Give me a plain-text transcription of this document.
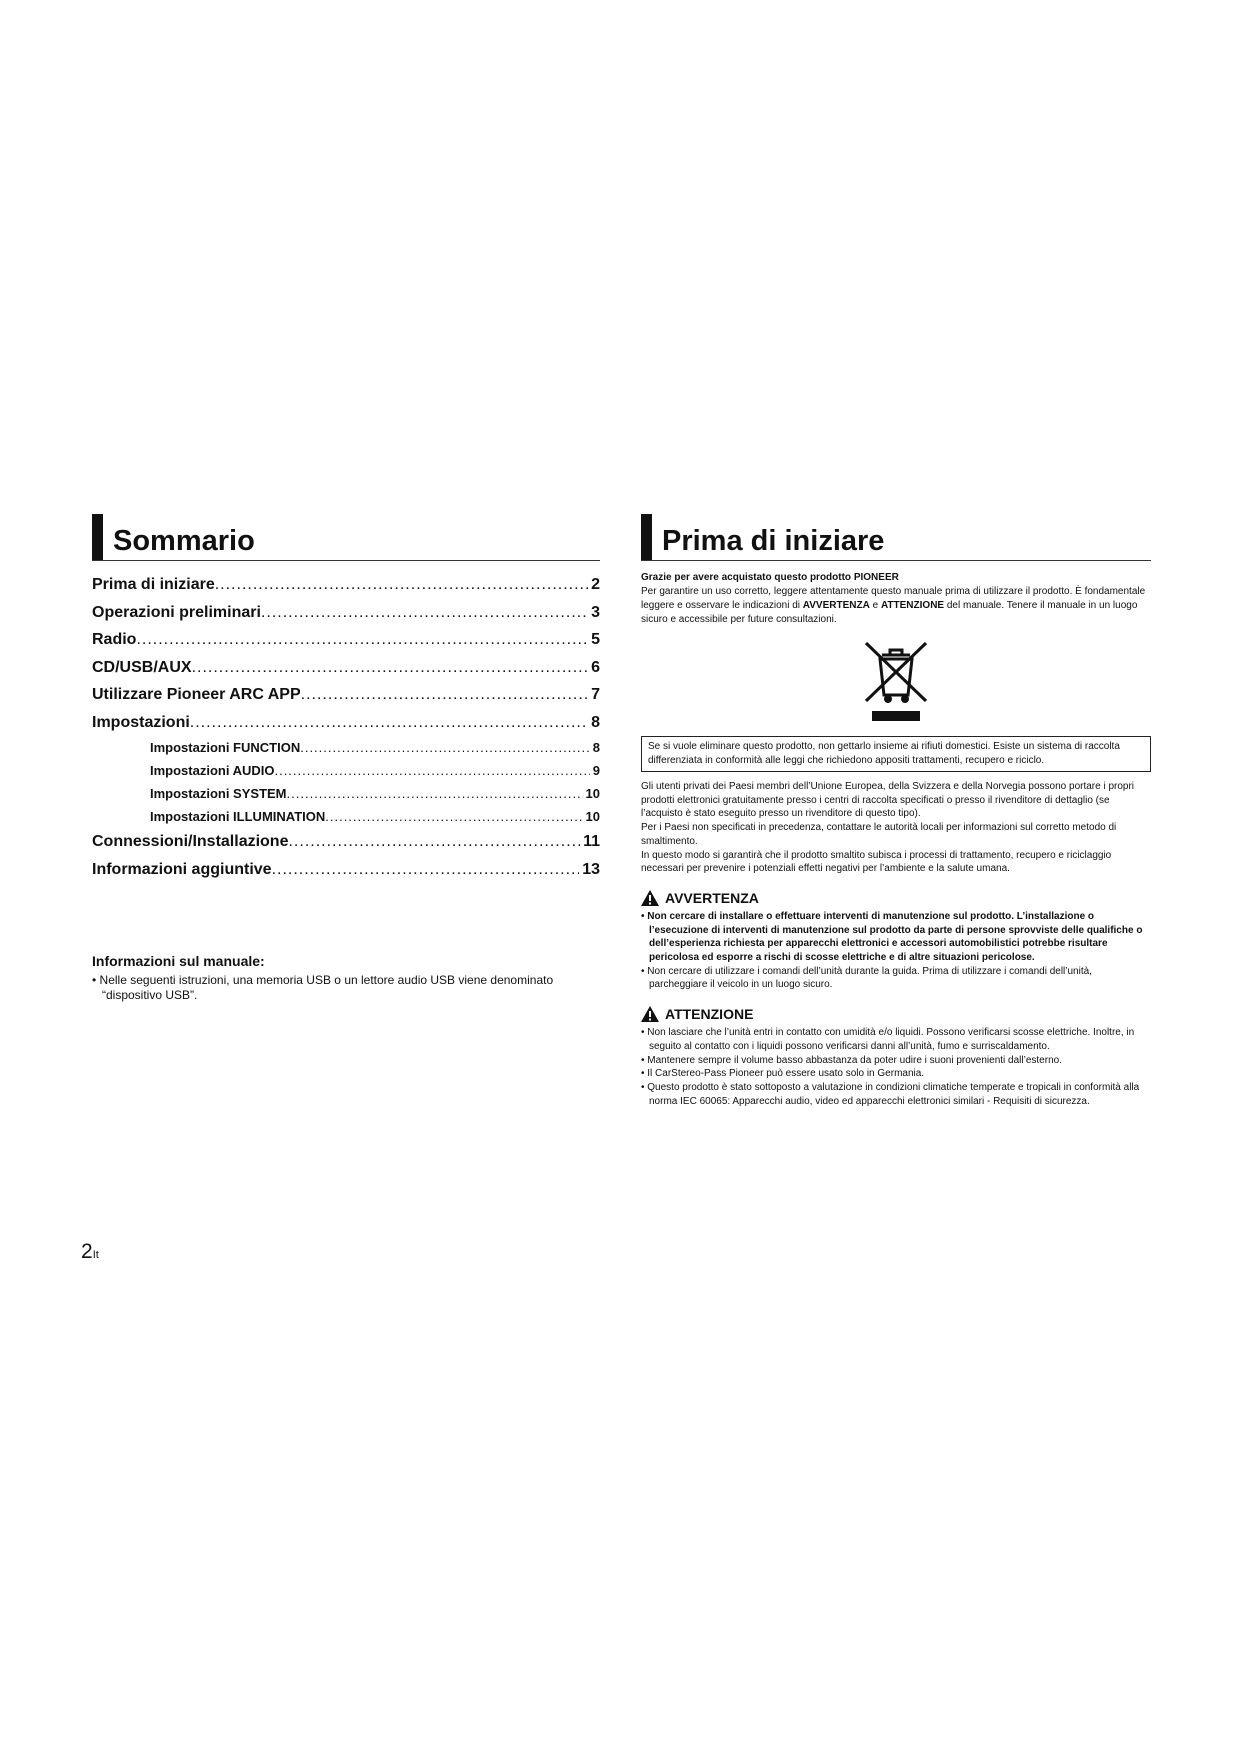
Sommario
Prima di iniziare .....	2
Operazioni preliminari .....	3
Radio .....	5
CD/USB/AUX .....	6
Utilizzare Pioneer ARC APP .....	7
Impostazioni .....	8
Impostazioni FUNCTION .....	8
Impostazioni AUDIO .....	9
Impostazioni SYSTEM .....	10
Impostazioni ILLUMINATION .....	10
Connessioni/Installazione .....	11
Informazioni aggiuntive .....	13
Informazioni sul manuale:
• Nelle seguenti istruzioni, una memoria USB o un lettore audio USB viene denominato “dispositivo USB”.
Prima di iniziare
Grazie per avere acquistato questo prodotto PIONEER
Per garantire un uso corretto, leggere attentamente questo manuale prima di utilizzare il prodotto. È fondamentale leggere e osservare le indicazioni di AVVERTENZA e ATTENZIONE del manuale. Tenere il manuale in un luogo sicuro e accessibile per future consultazioni.
Se si vuole eliminare questo prodotto, non gettarlo insieme ai rifiuti domestici. Esiste un sistema di raccolta differenziata in conformità alle leggi che richiedono appositi trattamenti, recupero e riciclo.
Gli utenti privati dei Paesi membri dell’Unione Europea, della Svizzera e della Norvegia possono portare i propri prodotti elettronici gratuitamente presso i centri di raccolta specificati o presso il rivenditore di dettaglio (se l’acquisto è stato eseguito presso un rivenditore di questo tipo).
Per i Paesi non specificati in precedenza, contattare le autorità locali per informazioni sul corretto metodo di smaltimento.
In questo modo si garantirà che il prodotto smaltito subisca i processi di trattamento, recupero e riciclaggio necessari per prevenire i potenziali effetti negativi per l’ambiente e la salute umana.
AVVERTENZA
• Non cercare di installare o effettuare interventi di manutenzione sul prodotto. L’installazione o l’esecuzione di interventi di manutenzione sul prodotto da parte di persone sprovviste delle qualifiche o dell’esperienza richiesta per apparecchi elettronici e accessori automobilistici potrebbe risultare pericolosa ed esporre a rischi di scosse elettriche e di altre situazioni pericolose.
• Non cercare di utilizzare i comandi dell’unità durante la guida. Prima di utilizzare i comandi dell’unità, parcheggiare il veicolo in un luogo sicuro.
ATTENZIONE
• Non lasciare che l’unità entri in contatto con umidità e/o liquidi. Possono verificarsi scosse elettriche. Inoltre, in seguito al contatto con i liquidi possono verificarsi danni all’unità, fumo e surriscaldamento.
• Mantenere sempre il volume basso abbastanza da poter udire i suoni provenienti dall’esterno.
• Il CarStereo-Pass Pioneer può essere usato solo in Germania.
• Questo prodotto è stato sottoposto a valutazione in condizioni climatiche temperate e tropicali in conformità alla norma IEC 60065: Apparecchi audio, video ed apparecchi elettronici similari - Requisiti di sicurezza.
2It
